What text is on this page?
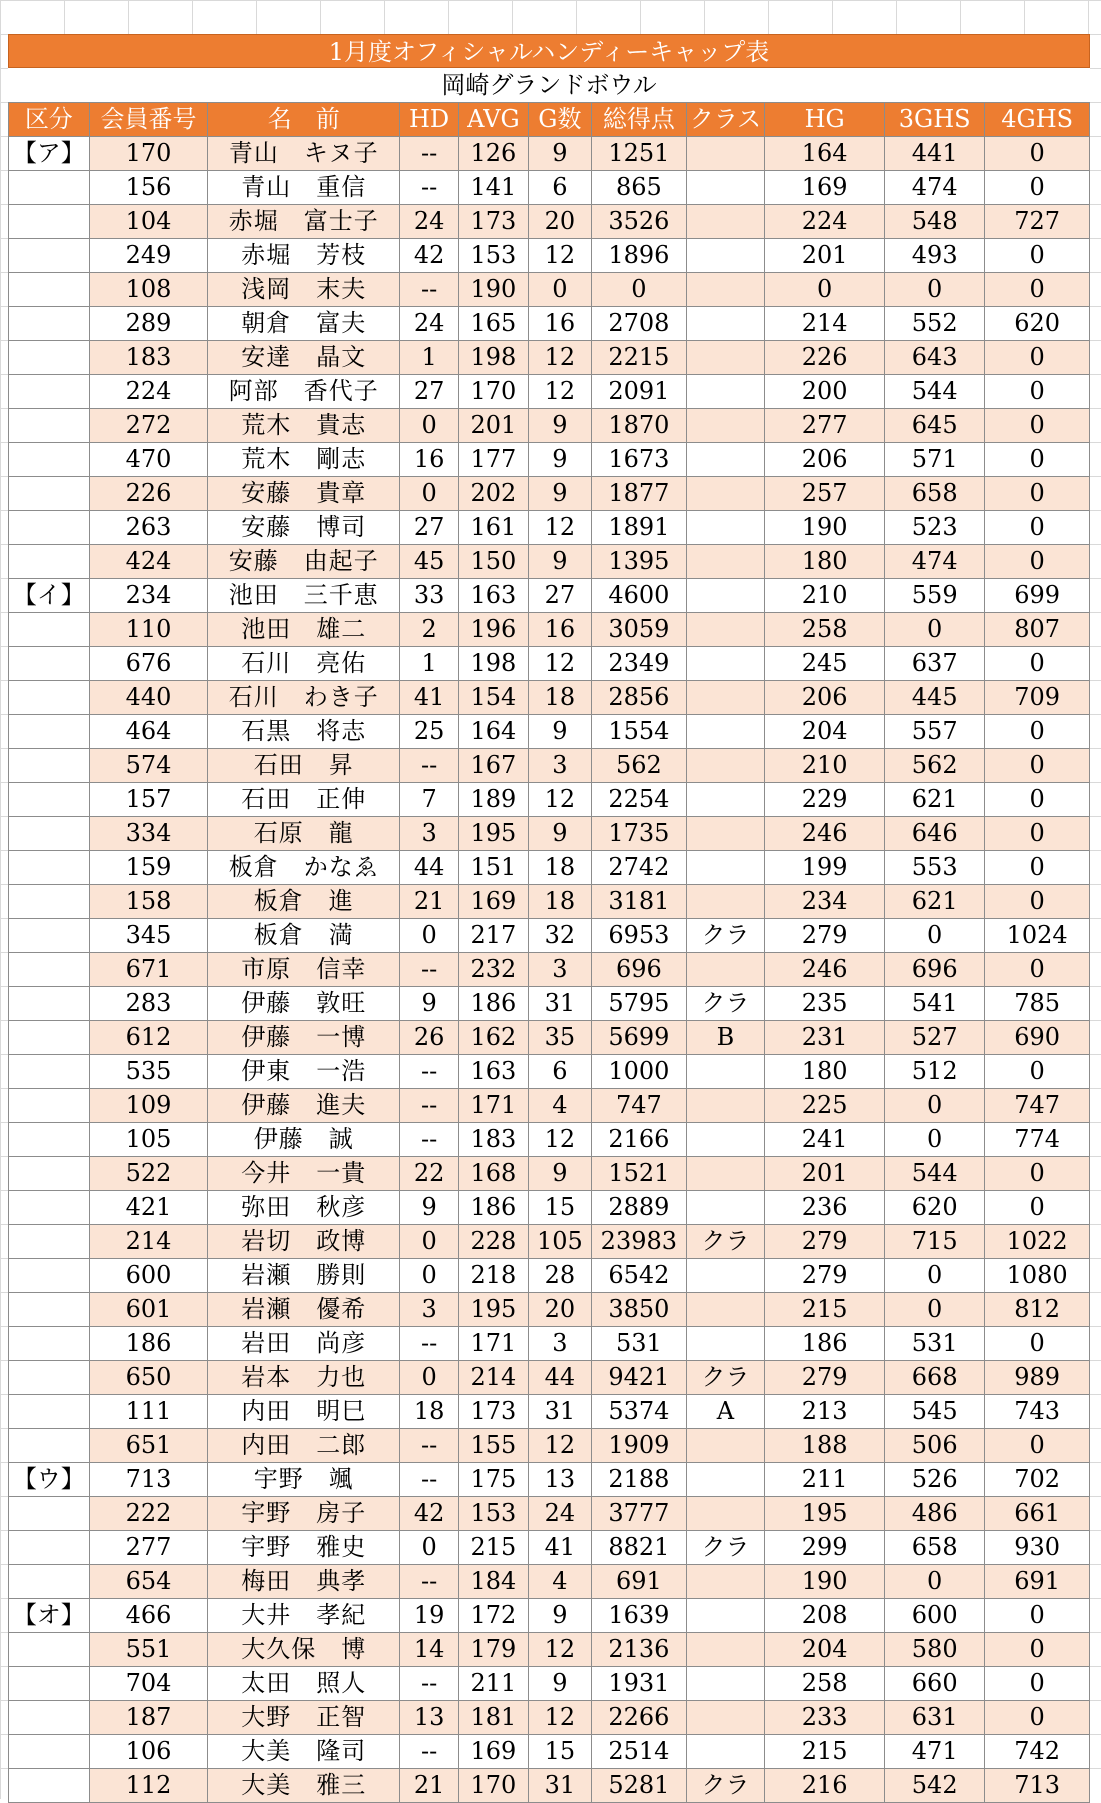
1月度オフィシャルハンディーキャップ表
岡崎グランドボウル
区分	会員番号	名　前	HD	AVG	G数	総得点	クラス	HG	3GHS	4GHS
【ア】	170	青山　キヌ子	--	126	9	1251		164	441	0
	156	青山　重信	--	141	6	865		169	474	0
	104	赤堀　富士子	24	173	20	3526		224	548	727
	249	赤堀　芳枝	42	153	12	1896		201	493	0
	108	浅岡　末夫	--	190	0	0		0	0	0
	289	朝倉　富夫	24	165	16	2708		214	552	620
	183	安達　晶文	1	198	12	2215		226	643	0
	224	阿部　香代子	27	170	12	2091		200	544	0
	272	荒木　貴志	0	201	9	1870		277	645	0
	470	荒木　剛志	16	177	9	1673		206	571	0
	226	安藤　貴章	0	202	9	1877		257	658	0
	263	安藤　博司	27	161	12	1891		190	523	0
	424	安藤　由起子	45	150	9	1395		180	474	0
【イ】	234	池田　三千恵	33	163	27	4600		210	559	699
	110	池田　雄二	2	196	16	3059		258	0	807
	676	石川　亮佑	1	198	12	2349		245	637	0
	440	石川　わき子	41	154	18	2856		206	445	709
	464	石黒　将志	25	164	9	1554		204	557	0
	574	石田　昇	--	167	3	562		210	562	0
	157	石田　正伸	7	189	12	2254		229	621	0
	334	石原　龍	3	195	9	1735		246	646	0
	159	板倉　かなゑ	44	151	18	2742		199	553	0
	158	板倉　進	21	169	18	3181		234	621	0
	345	板倉　満	0	217	32	6953	クラ	279	0	1024
	671	市原　信幸	--	232	3	696		246	696	0
	283	伊藤　敦旺	9	186	31	5795	クラ	235	541	785
	612	伊藤　一博	26	162	35	5699	B	231	527	690
	535	伊東　一浩	--	163	6	1000		180	512	0
	109	伊藤　進夫	--	171	4	747		225	0	747
	105	伊藤　誠	--	183	12	2166		241	0	774
	522	今井　一貴	22	168	9	1521		201	544	0
	421	弥田　秋彦	9	186	15	2889		236	620	0
	214	岩切　政博	0	228	105	23983	クラ	279	715	1022
	600	岩瀬　勝則	0	218	28	6542		279	0	1080
	601	岩瀬　優希	3	195	20	3850		215	0	812
	186	岩田　尚彦	--	171	3	531		186	531	0
	650	岩本　力也	0	214	44	9421	クラ	279	668	989
	111	内田　明巳	18	173	31	5374	A	213	545	743
	651	内田　二郎	--	155	12	1909		188	506	0
【ウ】	713	宇野　颯	--	175	13	2188		211	526	702
	222	宇野　房子	42	153	24	3777		195	486	661
	277	宇野　雅史	0	215	41	8821	クラ	299	658	930
	654	梅田　典孝	--	184	4	691		190	0	691
【オ】	466	大井　孝紀	19	172	9	1639		208	600	0
	551	大久保　博	14	179	12	2136		204	580	0
	704	太田　照人	--	211	9	1931		258	660	0
	187	大野　正智	13	181	12	2266		233	631	0
	106	大美　隆司	--	169	15	2514		215	471	742
	112	大美　雅三	21	170	31	5281	クラ	216	542	713
